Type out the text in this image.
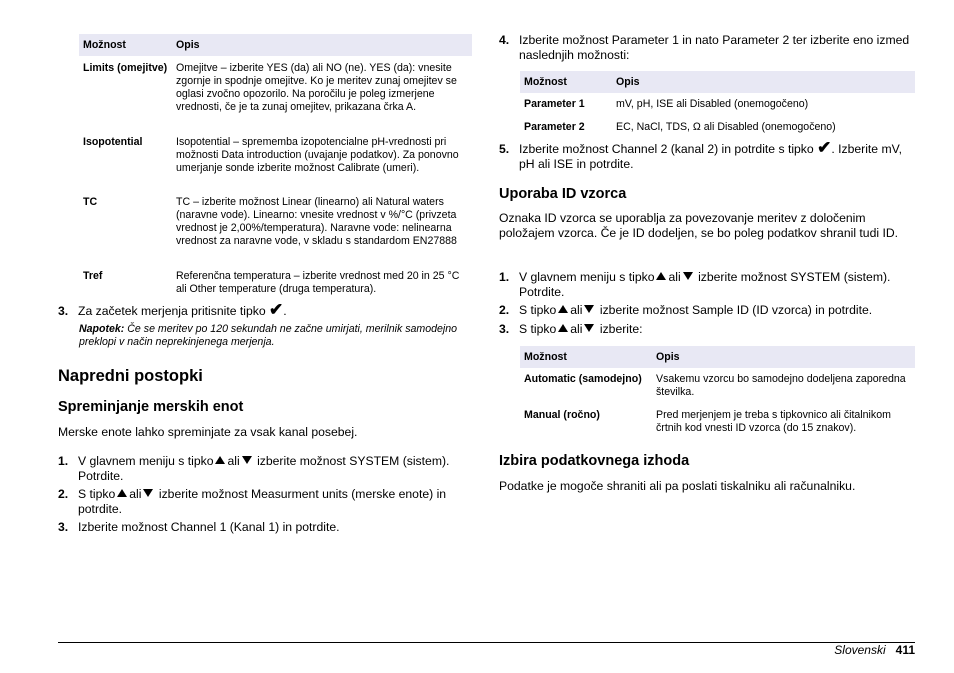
Možnost	Opis
Limits (omejitve)	Omejitve – izberite YES (da) ali NO (ne). YES (da): vnesite zgornje in spodnje omejitve. Ko je meritev zunaj omejitev se oglasi zvočno opozorilo. Na poročilu je poleg izmerjene vrednosti, če je ta zunaj omejitev, prikazana črka A.
Isopotential	Isopotential – sprememba izopotencialne pH-vrednosti pri možnosti Data introduction (uvajanje podatkov). Za ponovno umerjanje sonde izberite možnost Calibrate (umeri).
TC	TC – izberite možnost Linear (linearno) ali Natural waters (naravne vode). Linearno: vnesite vrednost v %/°C (privzeta vrednost je 2,00%/temperatura). Naravne vode: nelinearna vrednost za naravne vode, v skladu s standardom EN27888
Tref	Referenčna temperatura – izberite vrednost med 20 in 25 °C ali Other temperature (druga temperatura).
3. Za začetek merjenja pritisnite tipko ✔.
Napotek: Če se meritev po 120 sekundah ne začne umirjati, merilnik samodejno preklopi v način neprekinjenega merjenja.
Napredni postopki
Spreminjanje merskih enot

Merske enote lahko spreminjate za vsak kanal posebej.

1. V glavnem meniju s tipko ali izberite možnost SYSTEM (sistem). Potrdite.
2. S tipko ali izberite možnost Measurment units (merske enote) in potrdite.
3. Izberite možnost Channel 1 (Kanal 1) in potrdite.
4. Izberite možnost Parameter 1 in nato Parameter 2 ter izberite eno izmed naslednjih možnosti:
Možnost	Opis
Parameter 1	mV, pH, ISE ali Disabled (onemogočeno)
Parameter 2	EC, NaCl, TDS, Ω ali Disabled (onemogočeno)
5. Izberite možnost Channel 2 (kanal 2) in potrdite s tipko ✔. Izberite mV, pH ali ISE in potrdite.
Uporaba ID vzorca

Oznaka ID vzorca se uporablja za povezovanje meritev z določenim položajem vzorca. Če je ID dodeljen, se bo poleg podatkov shranil tudi ID.

1. V glavnem meniju s tipko ali izberite možnost SYSTEM (sistem). Potrdite.
2. S tipko ali izberite možnost Sample ID (ID vzorca) in potrdite.
3. S tipko ali izberite:
Možnost	Opis
Automatic (samodejno)	Vsakemu vzorcu bo samodejno dodeljena zaporedna številka.
Manual (ročno)	Pred merjenjem je treba s tipkovnico ali čitalnikom črtnih kod vnesti ID vzorca (do 15 znakov).
Izbira podatkovnega izhoda

Podatke je mogoče shraniti ali pa poslati tiskalniku ali računalniku.

Slovenski 411
